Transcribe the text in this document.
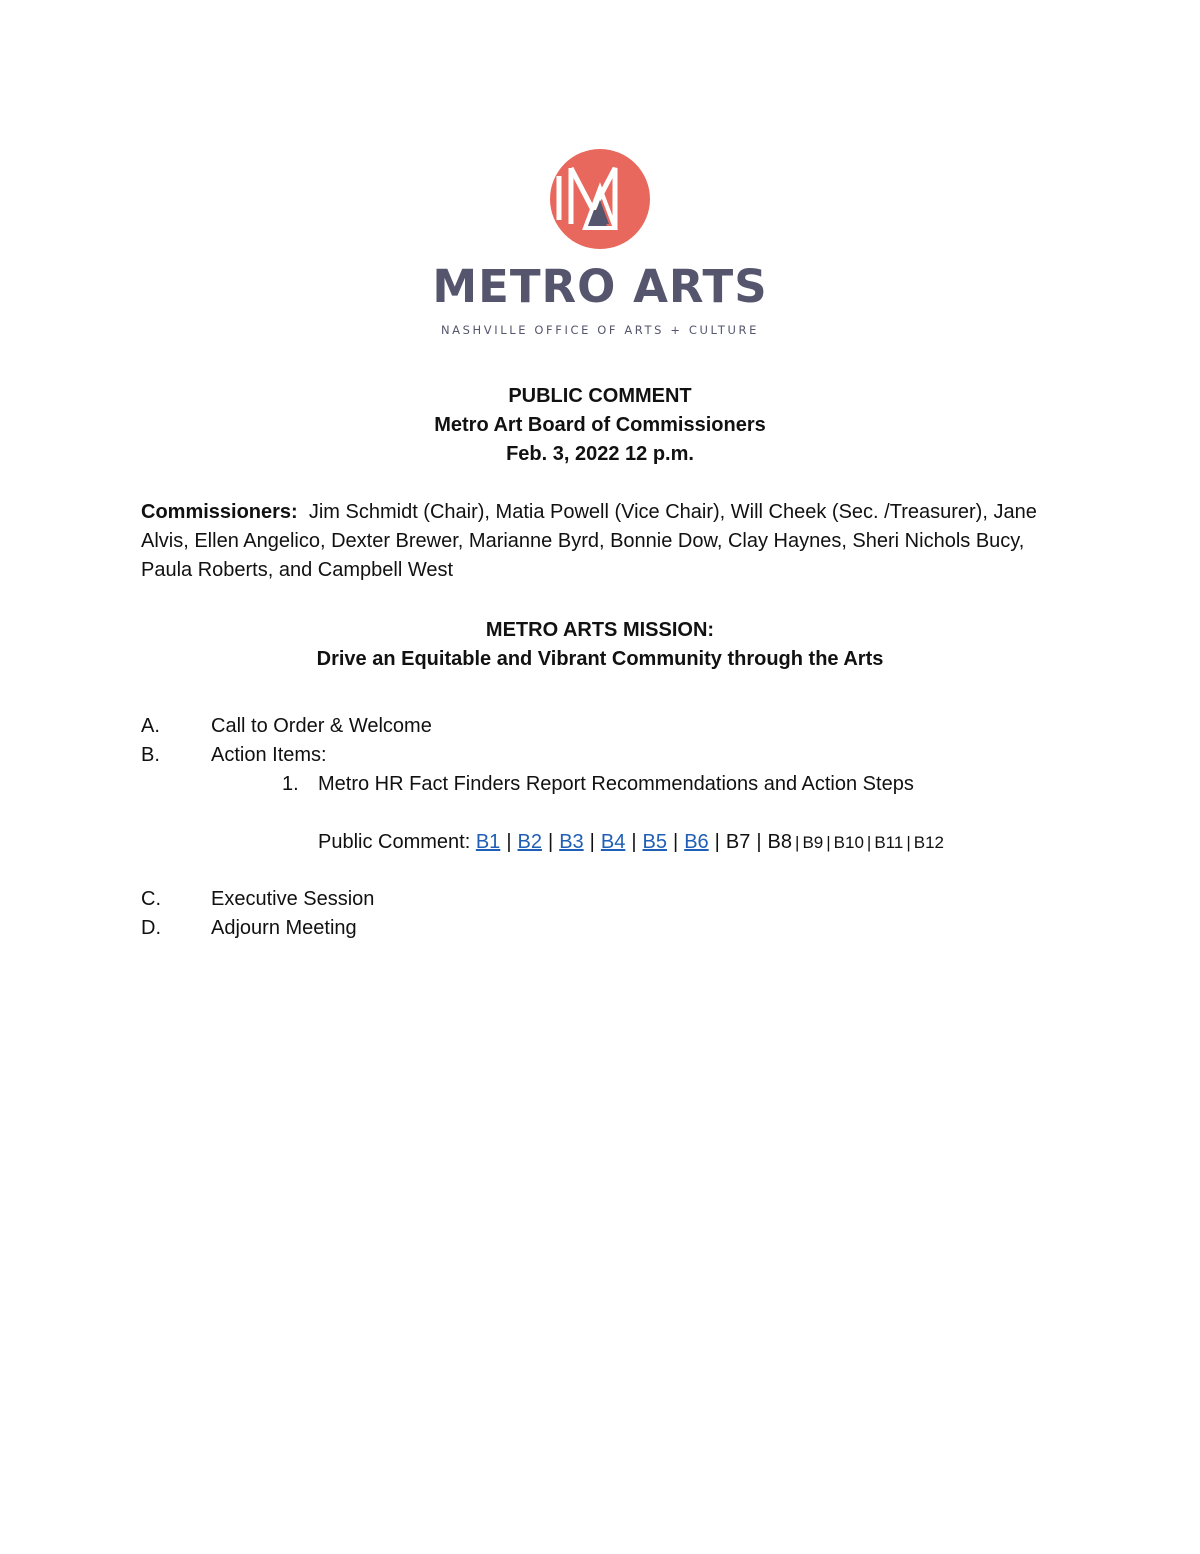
METRO ARTS
NASHVILLE OFFICE OF ARTS + CULTURE
PUBLIC COMMENT
Metro Art Board of Commissioners
Feb. 3, 2022 12 p.m.
Commissioners: Jim Schmidt (Chair), Matia Powell (Vice Chair), Will Cheek (Sec. /Treasurer), Jane Alvis, Ellen Angelico, Dexter Brewer, Marianne Byrd, Bonnie Dow, Clay Haynes, Sheri Nichols Bucy, Paula Roberts, and Campbell West
METRO ARTS MISSION:
Drive an Equitable and Vibrant Community through the Arts
A.	Call to Order & Welcome
B.	Action Items:
1. Metro HR Fact Finders Report Recommendations and Action Steps
Public Comment: B1 | B2 | B3 | B4 | B5 | B6 | B7 | B8 | B9 | B10 | B11 | B12
C.	Executive Session
D.	Adjourn Meeting
